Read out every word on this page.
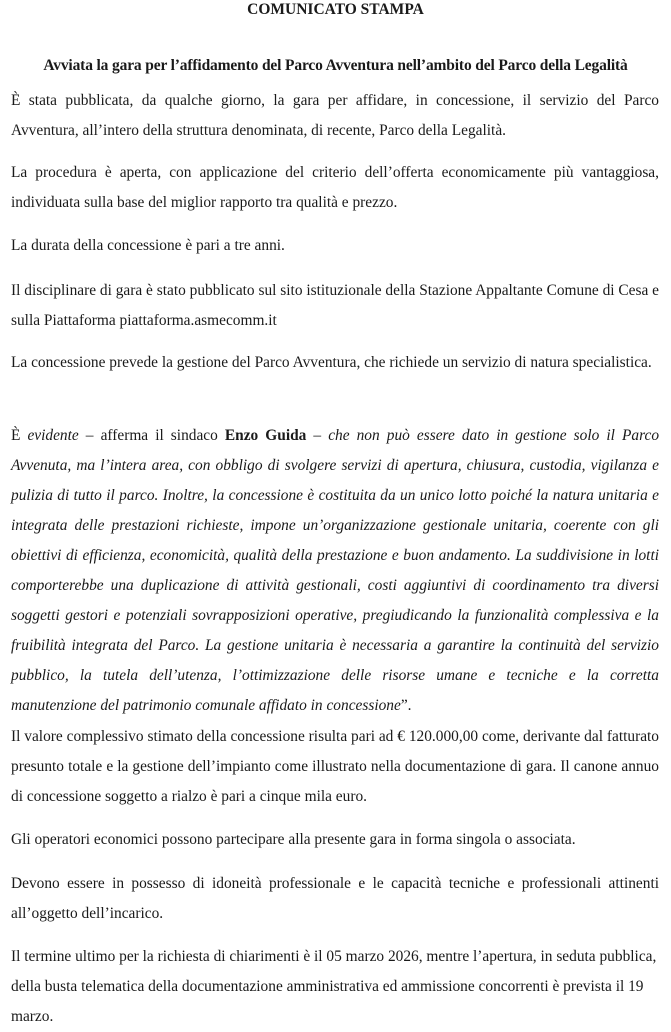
COMUNICATO STAMPA
Avviata la gara per l’affidamento del Parco Avventura nell’ambito del Parco della Legalità
È stata pubblicata, da qualche giorno, la gara per affidare, in concessione, il servizio del Parco Avventura, all’intero della struttura denominata, di recente, Parco della Legalità.
La procedura è aperta, con applicazione del criterio dell’offerta economicamente più vantaggiosa, individuata sulla base del miglior rapporto tra qualità e prezzo.
La durata della concessione è pari a tre anni.
Il disciplinare di gara è stato pubblicato sul sito istituzionale della Stazione Appaltante Comune di Cesa e sulla Piattaforma piattaforma.asmecomm.it
La concessione prevede la gestione del Parco Avventura, che richiede un servizio di natura specialistica.
È evidente – afferma il sindaco Enzo Guida – che non può essere dato in gestione solo il Parco Avvenuta, ma l’intera area, con obbligo di svolgere servizi di apertura, chiusura, custodia, vigilanza e pulizia di tutto il parco. Inoltre, la concessione è costituita da un unico lotto poiché la natura unitaria e integrata delle prestazioni richieste, impone un’organizzazione gestionale unitaria, coerente con gli obiettivi di efficienza, economicità, qualità della prestazione e buon andamento. La suddivisione in lotti comporterebbe una duplicazione di attività gestionali, costi aggiuntivi di coordinamento tra diversi soggetti gestori e potenziali sovrapposizioni operative, pregiudicando la funzionalità complessiva e la fruibilità integrata del Parco. La gestione unitaria è necessaria a garantire la continuità del servizio pubblico, la tutela dell’utenza, l’ottimizzazione delle risorse umane e tecniche e la corretta manutenzione del patrimonio comunale affidato in concessione”.
Il valore complessivo stimato della concessione risulta pari ad € 120.000,00 come, derivante dal fatturato presunto totale e la gestione dell’impianto come illustrato nella documentazione di gara. Il canone annuo di concessione soggetto a rialzo è pari a cinque mila euro.
Gli operatori economici possono partecipare alla presente gara in forma singola o associata.
Devono essere in possesso di idoneità professionale e le capacità tecniche e professionali attinenti all’oggetto dell’incarico.
Il termine ultimo per la richiesta di chiarimenti è il 05 marzo 2026, mentre l’apertura, in seduta pubblica, della busta telematica della documentazione amministrativa ed ammissione concorrenti è prevista il 19 marzo.
